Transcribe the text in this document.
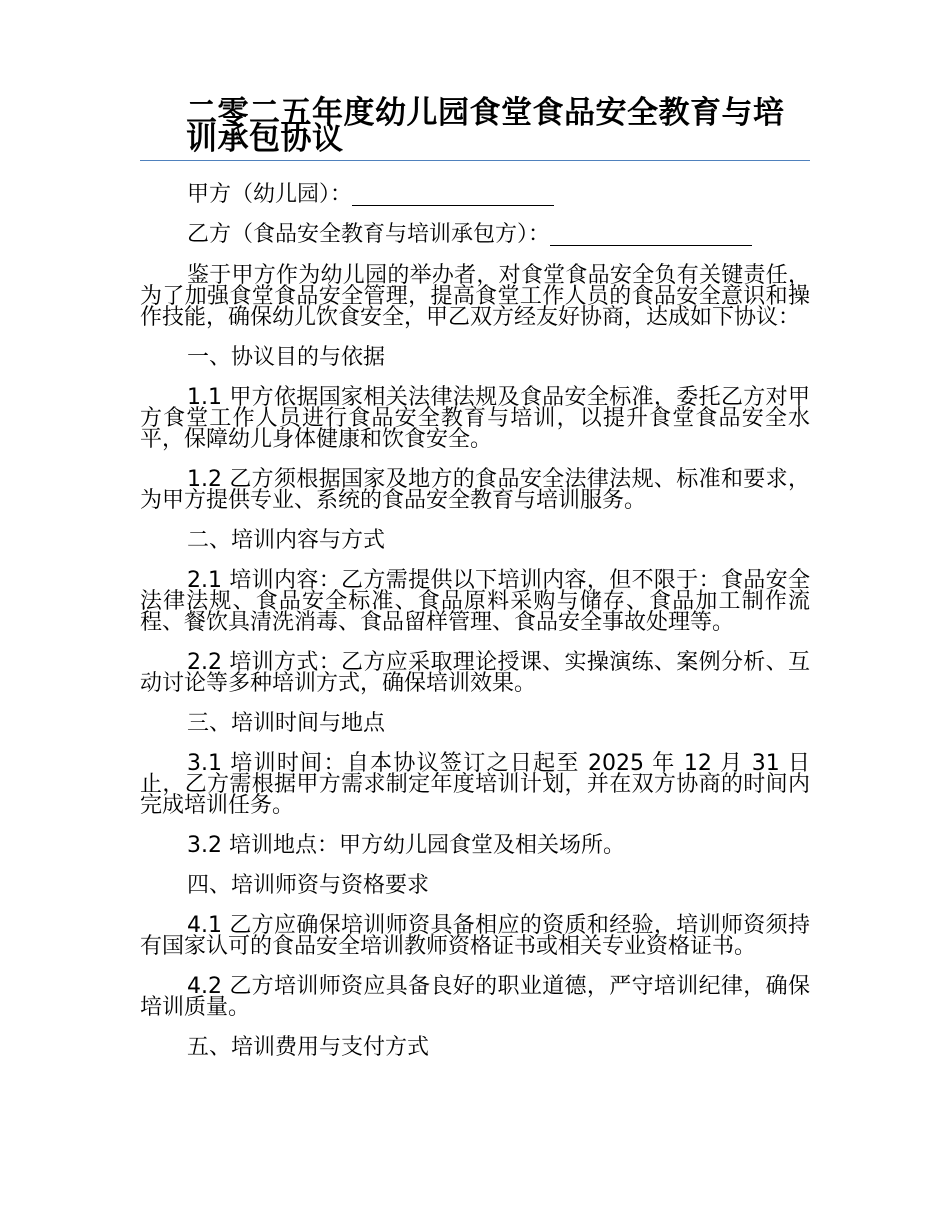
二零二五年度幼儿园食堂食品安全教育与培训承包协议

甲方（幼儿园）：

乙方（食品安全教育与培训承包方）：

鉴于甲方作为幼儿园的举办者，对食堂食品安全负有关键责任，为了加强食堂食品安全管理，提高食堂工作人员的食品安全意识和操作技能，确保幼儿饮食安全，甲乙双方经友好协商，达成如下协议：

一、协议目的与依据

1.1 甲方依据国家相关法律法规及食品安全标准，委托乙方对甲方食堂工作人员进行食品安全教育与培训，以提升食堂食品安全水平，保障幼儿身体健康和饮食安全。

1.2 乙方须根据国家及地方的食品安全法律法规、标准和要求，为甲方提供专业、系统的食品安全教育与培训服务。

二、培训内容与方式

2.1 培训内容：乙方需提供以下培训内容，但不限于：食品安全法律法规、食品安全标准、食品原料采购与储存、食品加工制作流程、餐饮具清洗消毒、食品留样管理、食品安全事故处理等。

2.2 培训方式：乙方应采取理论授课、实操演练、案例分析、互动讨论等多种培训方式，确保培训效果。

三、培训时间与地点

3.1 培训时间：自本协议签订之日起至 2025 年 12 月 31 日止，乙方需根据甲方需求制定年度培训计划，并在双方协商的时间内完成培训任务。

3.2 培训地点：甲方幼儿园食堂及相关场所。

四、培训师资与资格要求

4.1 乙方应确保培训师资具备相应的资质和经验，培训师资须持有国家认可的食品安全培训教师资格证书或相关专业资格证书。

4.2 乙方培训师资应具备良好的职业道德，严守培训纪律，确保培训质量。

五、培训费用与支付方式
